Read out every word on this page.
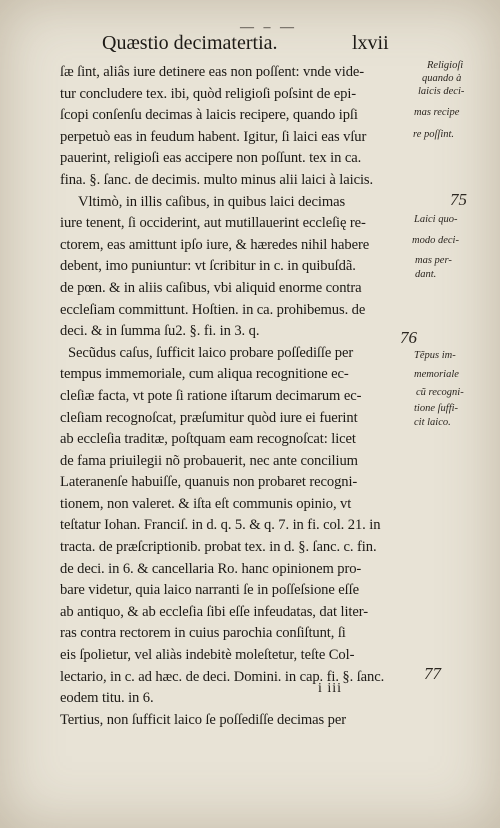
— ‒ —
Quæstio decimatertia.	lxvii
ſæ ſint, aliâs iure detinere eas non poſſent: vnde vide-
tur concludere tex. ibi, quòd religioſi poſsint de epi-
ſcopi conſenſu decimas à laicis recipere, quando ipſi
perpetuò eas in feudum habent. Igitur, ſi laici eas vſur
pauerint, religioſi eas accipere non poſſunt. tex in ca.
fina. §. ſanc. de decimis. multo minus alii laici à laicis.
Vltimò, in illis caſibus, in quibus laici decimas
iure tenent, ſi occiderint, aut mutillauerint eccleſię re-
ctorem, eas amittunt ipſo iure, & hæredes nihil habere
debent, imo puniuntur: vt ſcribitur in c. in quibuſdã.
de pœn. & in aliis caſibus, vbi aliquid enorme contra
eccleſiam committunt. Hoſtien. in ca. prohibemus. de
deci. & in ſumma ſu2. §. fi. in 3. q.
Secũdus caſus, ſufficit laico probare poſſediſſe per
tempus immemoriale, cum aliqua recognitione ec-
cleſiæ facta, vt pote ſi ratione iſtarum decimarum ec-
cleſiam recognoſcat, præſumitur quòd iure ei fuerint
ab eccleſia traditæ, poſtquam eam recognoſcat: licet
de fama priuilegii nõ probauerit, nec ante concilium
Lateranenſe habuiſſe, quanuis non probaret recogni-
tionem, non valeret. & iſta eſt communis opinio, vt
teſtatur Iohan. Franciſ. in d. q. 5. & q. 7. in fi. col. 21. in
tracta. de præſcriptionib. probat tex. in d. §. ſanc. c. fin.
de deci. in 6. & cancellaria Ro. hanc opinionem pro-
bare videtur, quia laico narranti ſe in poſſeſsione eſſe
ab antiquo, & ab eccleſia ſibi eſſe infeudatas, dat liter-
ras contra rectorem in cuius parochia conſiſtunt, ſi
eis ſpolietur, vel aliàs indebitè moleſtetur, teſte Col-
lectario, in c. ad hæc. de deci. Domini. in cap. fi. §. ſanc.
eodem titu. in 6.
Tertius, non ſufficit laico ſe poſſediſſe decimas per
Religioſi
quando à
laicis deci-
mas recipe
re poſſint.
75
Laici quo-
modo deci-
mas per-
dant.
76
Tẽpus im-
memoriale
cũ recogni-
tione ſuffi-
cit laico.
77
i iii
